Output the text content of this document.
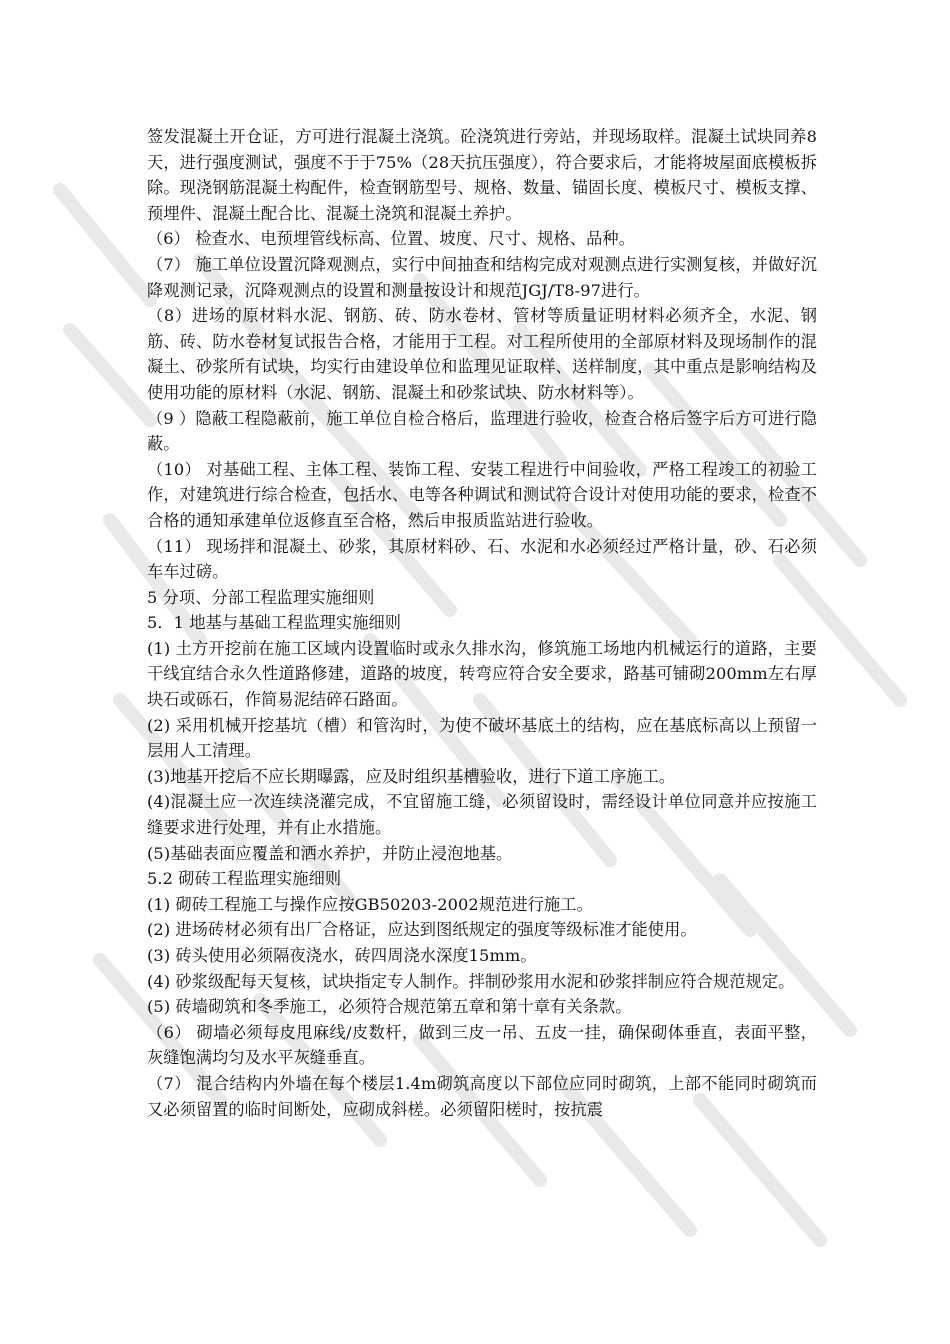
签发混凝土开仓证，方可进行混凝土浇筑。砼浇筑进行旁站，并现场取样。混凝土试块同养8天，进行强度测试，强度不于于75%（28天抗压强度），符合要求后，才能将坡屋面底模板拆除。现浇钢筋混凝土构配件，检查钢筋型号、规格、数量、锚固长度、模板尺寸、模板支撑、预埋件、混凝土配合比、混凝土浇筑和混凝土养护。

（6） 检查水、电预埋管线标高、位置、坡度、尺寸、规格、品种。

（7） 施工单位设置沉降观测点，实行中间抽查和结构完成对观测点进行实测复核，并做好沉降观测记录，沉降观测点的设置和测量按设计和规范JGJ/T8-97进行。

（8）进场的原材料水泥、钢筋、砖、防水卷材、管材等质量证明材料必须齐全，水泥、钢筋、砖、防水卷材复试报告合格，才能用于工程。对工程所使用的全部原材料及现场制作的混凝土、砂浆所有试块，均实行由建设单位和监理见证取样、送样制度，其中重点是影响结构及使用功能的原材料（水泥、钢筋、混凝土和砂浆试块、防水材料等）。

（9 ）隐蔽工程隐蔽前，施工单位自检合格后，监理进行验收，检查合格后签字后方可进行隐蔽。

（10） 对基础工程、主体工程、装饰工程、安装工程进行中间验收，严格工程竣工的初验工作，对建筑进行综合检查，包括水、电等各种调试和测试符合设计对使用功能的要求，检查不合格的通知承建单位返修直至合格，然后申报质监站进行验收。

（11） 现场拌和混凝土、砂浆，其原材料砂、石、水泥和水必须经过严格计量，砂、石必须车车过磅。

5 分项、分部工程监理实施细则

5．1 地基与基础工程监理实施细则

(1) 土方开挖前在施工区域内设置临时或永久排水沟，修筑施工场地内机械运行的道路，主要干线宜结合永久性道路修建，道路的坡度，转弯应符合安全要求，路基可铺砌200mm左右厚块石或砾石，作简易泥结碎石路面。

(2) 采用机械开挖基坑（槽）和管沟时，为使不破坏基底土的结构，应在基底标高以上预留一层用人工清理。

(3)地基开挖后不应长期曝露，应及时组织基槽验收，进行下道工序施工。

(4)混凝土应一次连续浇灌完成，不宜留施工缝，必须留设时，需经设计单位同意并应按施工缝要求进行处理，并有止水措施。

(5)基础表面应覆盖和洒水养护，并防止浸泡地基。

5.2 砌砖工程监理实施细则

(1) 砌砖工程施工与操作应按GB50203-2002规范进行施工。

(2) 进场砖材必须有出厂合格证，应达到图纸规定的强度等级标准才能使用。

(3) 砖头使用必须隔夜浇水，砖四周浇水深度15mm。

(4) 砂浆级配每天复核，试块指定专人制作。拌制砂浆用水泥和砂浆拌制应符合规范规定。

(5) 砖墙砌筑和冬季施工，必须符合规范第五章和第十章有关条款。

（6） 砌墙必须每皮甩麻线/皮数杆，做到三皮一吊、五皮一挂，确保砌体垂直，表面平整，灰缝饱满均匀及水平灰缝垂直。

（7） 混合结构内外墙在每个楼层1.4m砌筑高度以下部位应同时砌筑，上部不能同时砌筑而又必须留置的临时间断处，应砌成斜槎。必须留阳槎时，按抗震
